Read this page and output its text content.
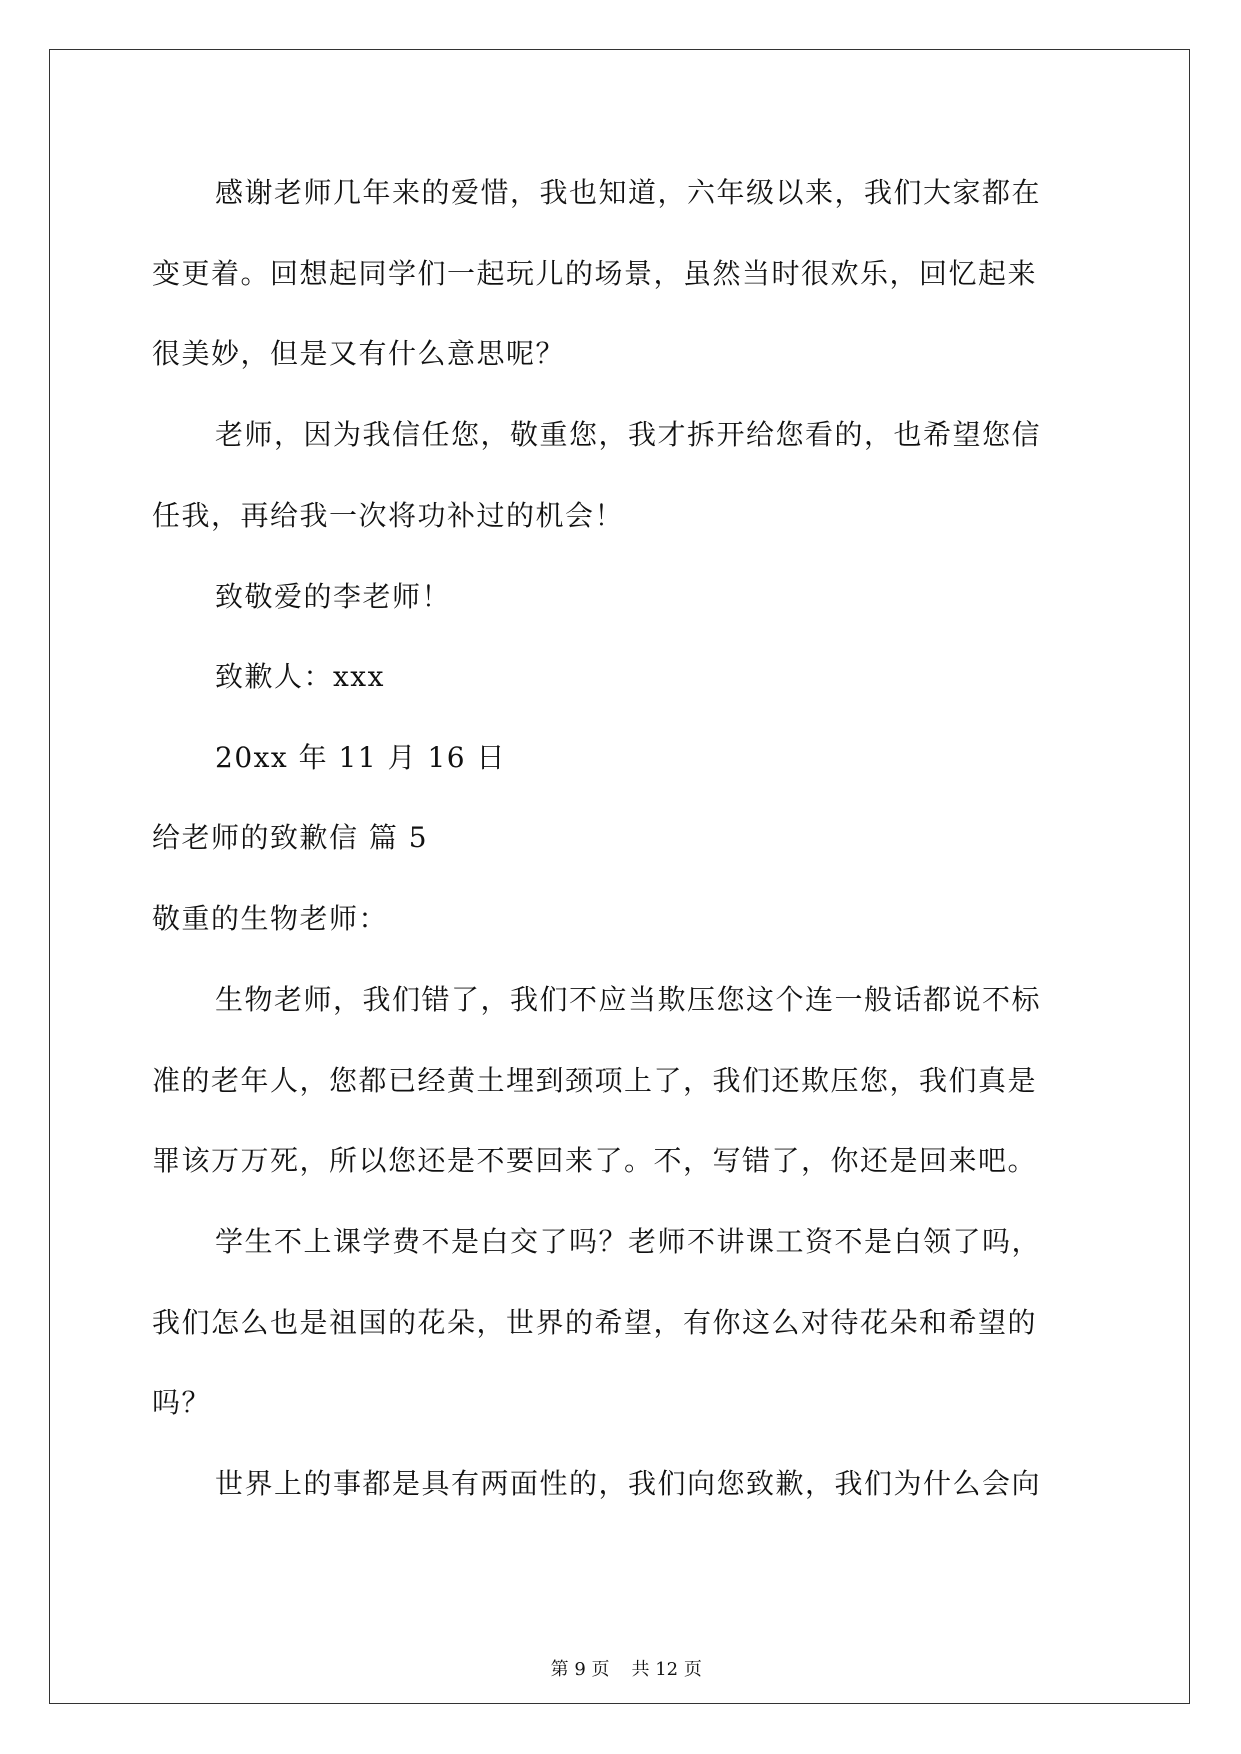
感谢老师几年来的爱惜，我也知道，六年级以来，我们大家都在

变更着。回想起同学们一起玩儿的场景，虽然当时很欢乐，回忆起来

很美妙，但是又有什么意思呢？

老师，因为我信任您，敬重您，我才拆开给您看的，也希望您信

任我，再给我一次将功补过的机会！

致敬爱的李老师！

致歉人：xxx

20xx 年 11 月 16 日

给老师的致歉信 篇 5

敬重的生物老师：

生物老师，我们错了，我们不应当欺压您这个连一般话都说不标

准的老年人，您都已经黄土埋到颈项上了，我们还欺压您，我们真是

罪该万万死，所以您还是不要回来了。不，写错了，你还是回来吧。

学生不上课学费不是白交了吗？老师不讲课工资不是白领了吗，

我们怎么也是祖国的花朵，世界的希望，有你这么对待花朵和希望的

吗？

世界上的事都是具有两面性的，我们向您致歉，我们为什么会向

第 9 页 共 12 页
